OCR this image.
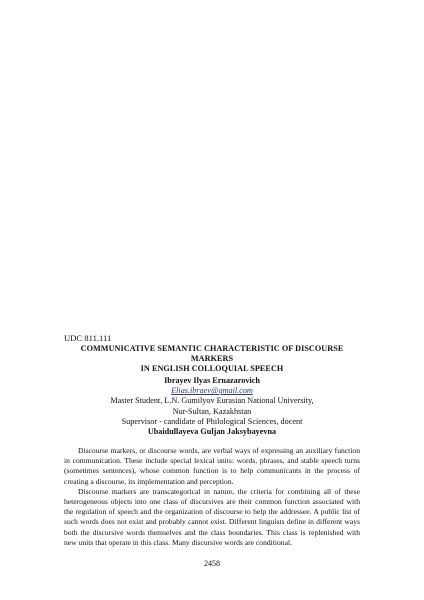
UDC 811.111

COMMUNICATIVE SEMANTIC CHARACTERISTIC OF DISCOURSE MARKERS
IN ENGLISH COLLOQUIAL SPEECH
Ibrayev Ilyas Ernazarovich
Elias.ibraev@gmail.com
Master Student, L.N. Gumilyov Eurasian National University,
Nur-Sultan, Kazakhstan
Supervisor - candidate of Philological Sciences, docent
Ubaidullayeva Guljan Jaksybayevna

Discourse markers, or discourse words, are verbal ways of expressing an auxiliary function in communication. These include special lexical units: words, phrases, and stable speech turns (sometimes sentences), whose common function is to help communicants in the process of creating a discourse, its implementation and perception.

Discourse markers are transcategorical in nature, the criteria for combining all of these heterogeneous objects into one class of discursives are their common function associated with the regulation of speech and the organization of discourse to help the addressee. A public list of such words does not exist and probably cannot exist. Different linguists define in different ways both the discursive words themselves and the class boundaries. This class is replenished with new units that operate in this class. Many discursive words are conditional.

2458
